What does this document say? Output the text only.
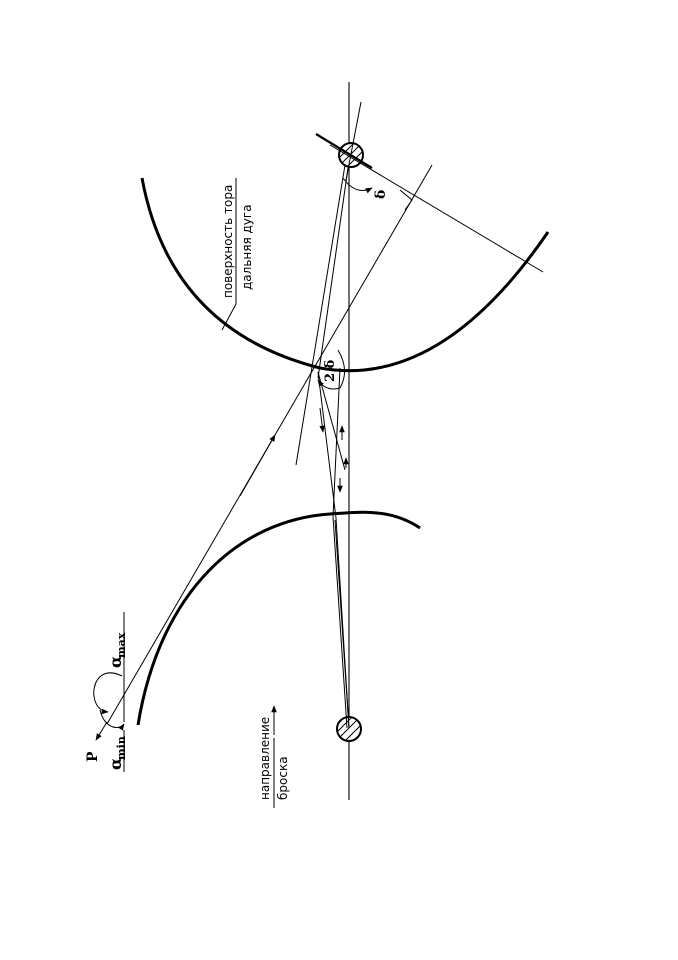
поверхность тора дальняя дуга
направление броска
P
α
max
α
min
δ
2 δ
